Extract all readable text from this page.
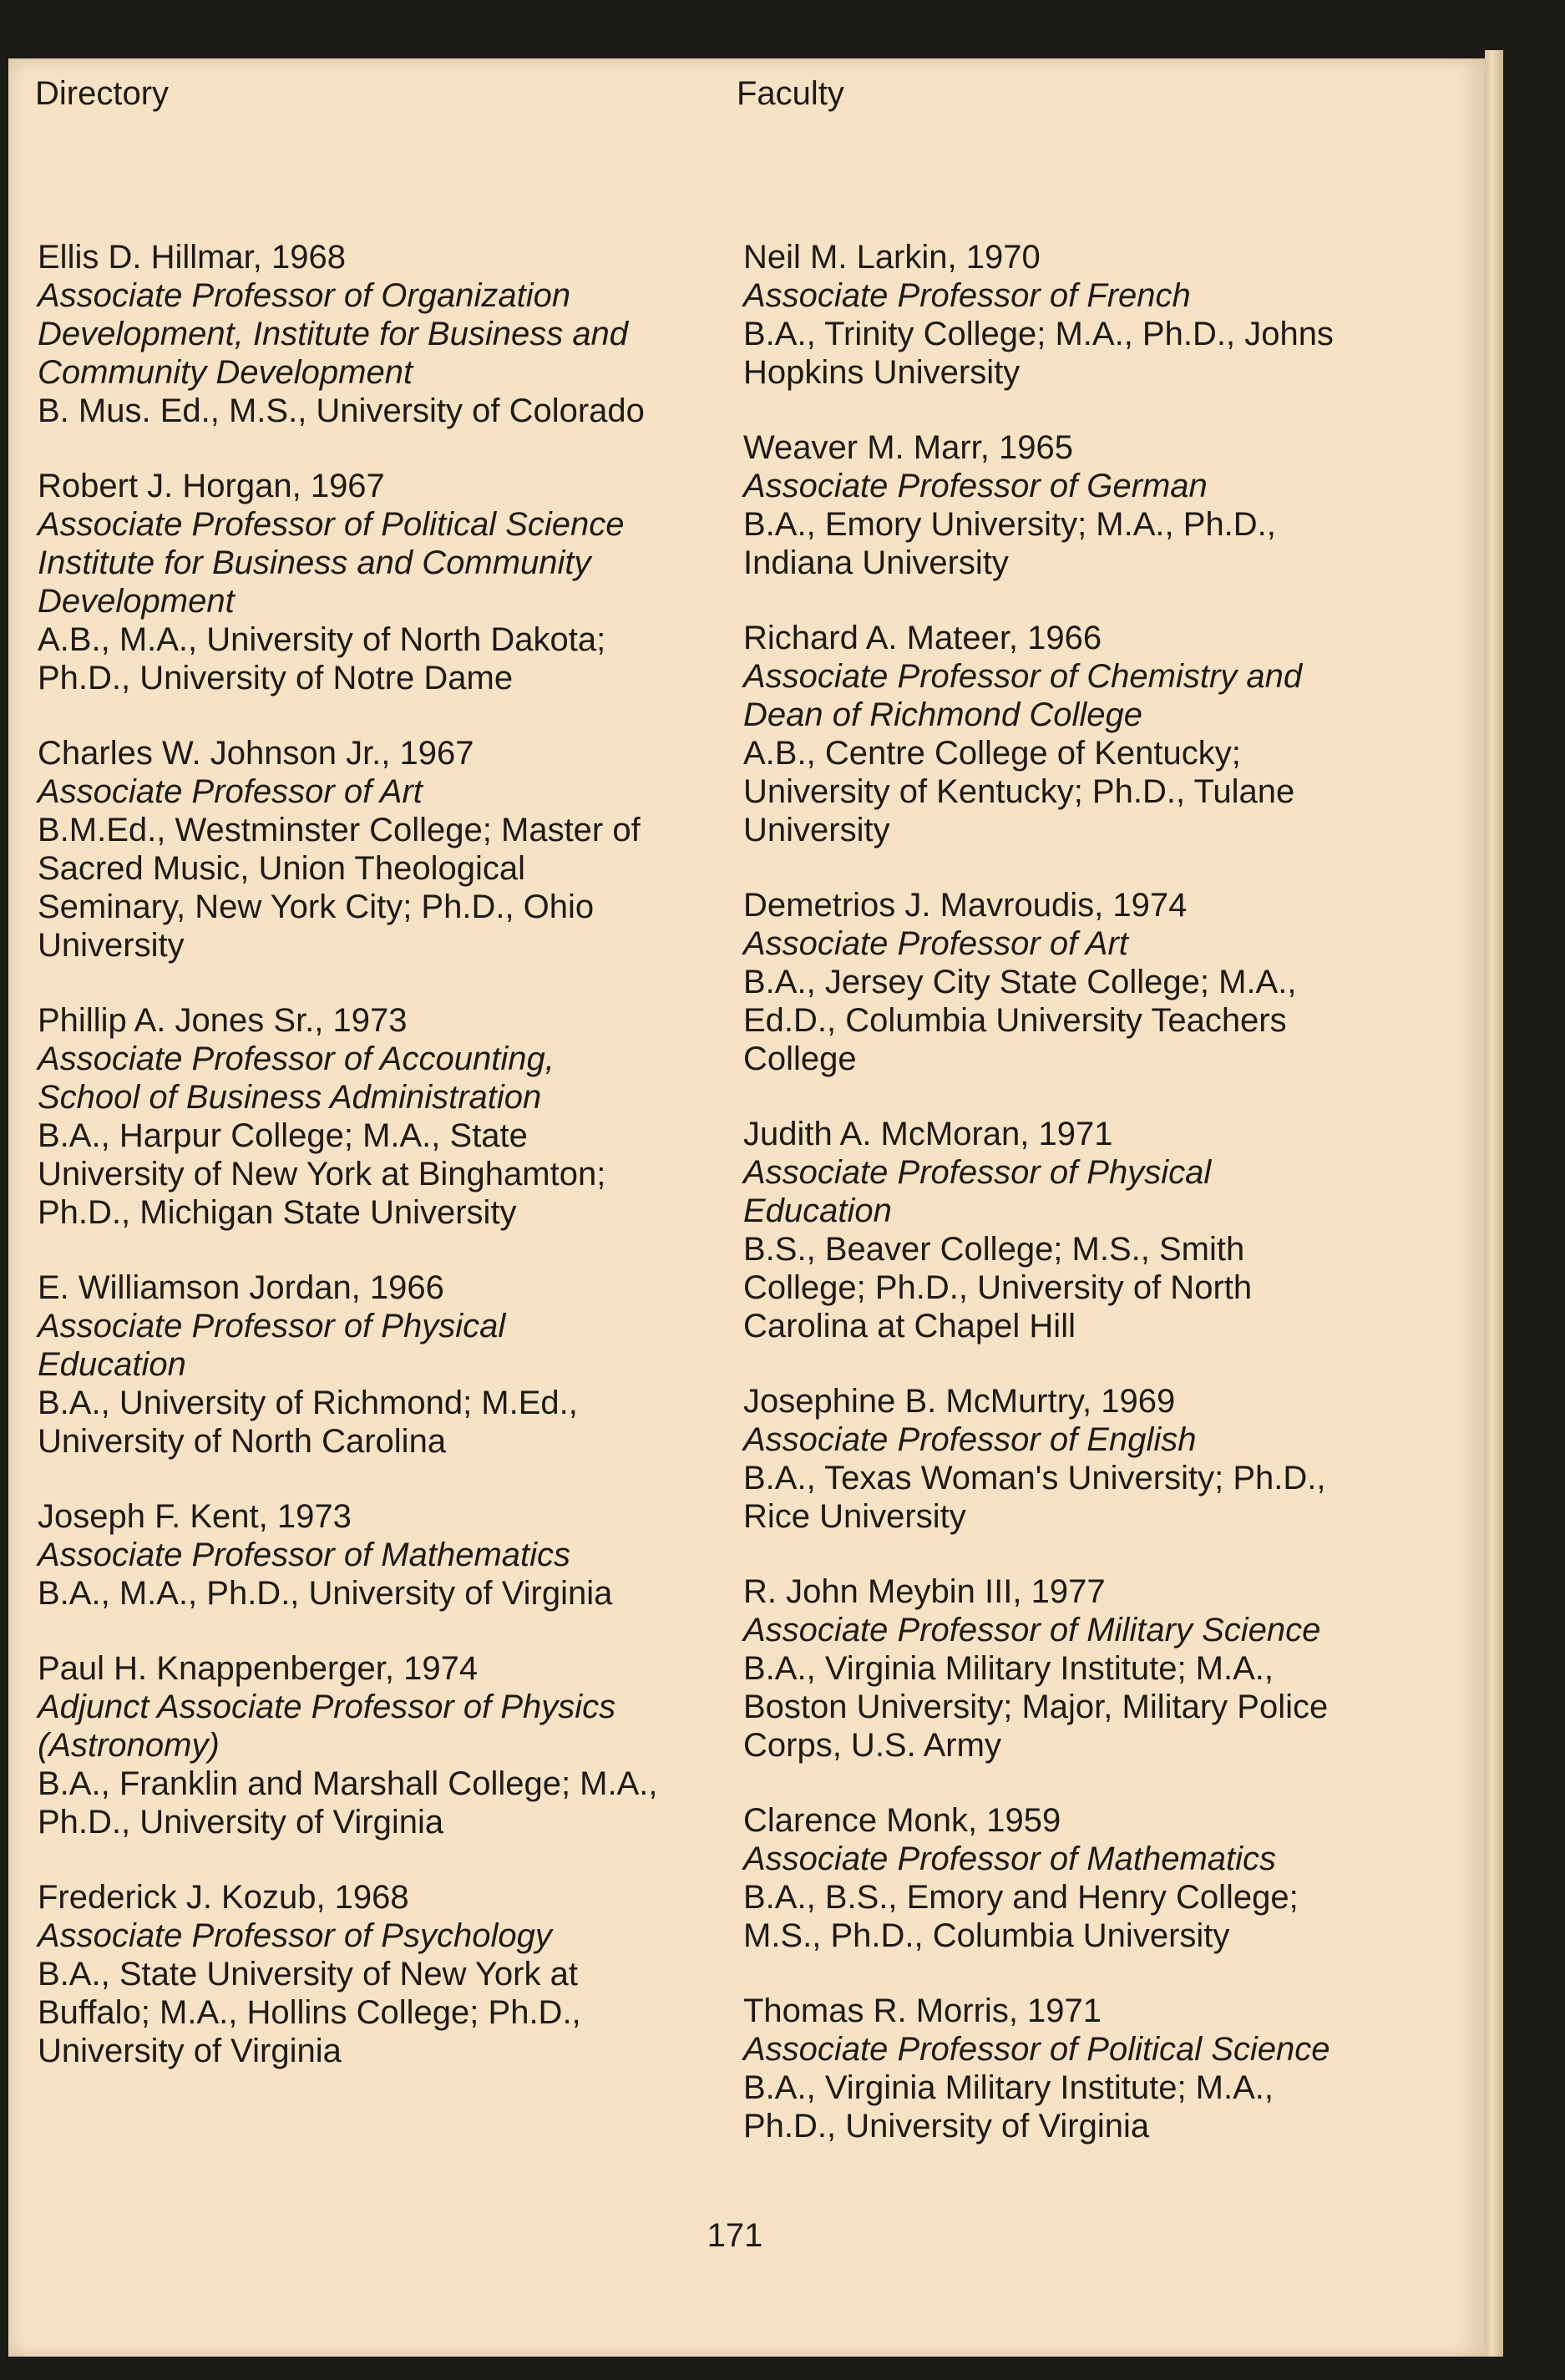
Directory	Faculty
Ellis D. Hillmar, 1968
Associate Professor of Organization
Development, Institute for Business and
Community Development
B. Mus. Ed., M.S., University of Colorado
Robert J. Horgan, 1967
Associate Professor of Political Science
Institute for Business and Community
Development
A.B., M.A., University of North Dakota;
Ph.D., University of Notre Dame
Charles W. Johnson Jr., 1967
Associate Professor of Art
B.M.Ed., Westminster College; Master of
Sacred Music, Union Theological
Seminary, New York City; Ph.D., Ohio
University
Phillip A. Jones Sr., 1973
Associate Professor of Accounting,
School of Business Administration
B.A., Harpur College; M.A., State
University of New York at Binghamton;
Ph.D., Michigan State University
E. Williamson Jordan, 1966
Associate Professor of Physical
Education
B.A., University of Richmond; M.Ed.,
University of North Carolina
Joseph F. Kent, 1973
Associate Professor of Mathematics
B.A., M.A., Ph.D., University of Virginia
Paul H. Knappenberger, 1974
Adjunct Associate Professor of Physics
(Astronomy)
B.A., Franklin and Marshall College; M.A.,
Ph.D., University of Virginia
Frederick J. Kozub, 1968
Associate Professor of Psychology
B.A., State University of New York at
Buffalo; M.A., Hollins College; Ph.D.,
University of Virginia
Neil M. Larkin, 1970
Associate Professor of French
B.A., Trinity College; M.A., Ph.D., Johns
Hopkins University
Weaver M. Marr, 1965
Associate Professor of German
B.A., Emory University; M.A., Ph.D.,
Indiana University
Richard A. Mateer, 1966
Associate Professor of Chemistry and
Dean of Richmond College
A.B., Centre College of Kentucky;
University of Kentucky; Ph.D., Tulane
University
Demetrios J. Mavroudis, 1974
Associate Professor of Art
B.A., Jersey City State College; M.A.,
Ed.D., Columbia University Teachers
College
Judith A. McMoran, 1971
Associate Professor of Physical
Education
B.S., Beaver College; M.S., Smith
College; Ph.D., University of North
Carolina at Chapel Hill
Josephine B. McMurtry, 1969
Associate Professor of English
B.A., Texas Woman's University; Ph.D.,
Rice University
R. John Meybin III, 1977
Associate Professor of Military Science
B.A., Virginia Military Institute; M.A.,
Boston University; Major, Military Police
Corps, U.S. Army
Clarence Monk, 1959
Associate Professor of Mathematics
B.A., B.S., Emory and Henry College;
M.S., Ph.D., Columbia University
Thomas R. Morris, 1971
Associate Professor of Political Science
B.A., Virginia Military Institute; M.A.,
Ph.D., University of Virginia
171
